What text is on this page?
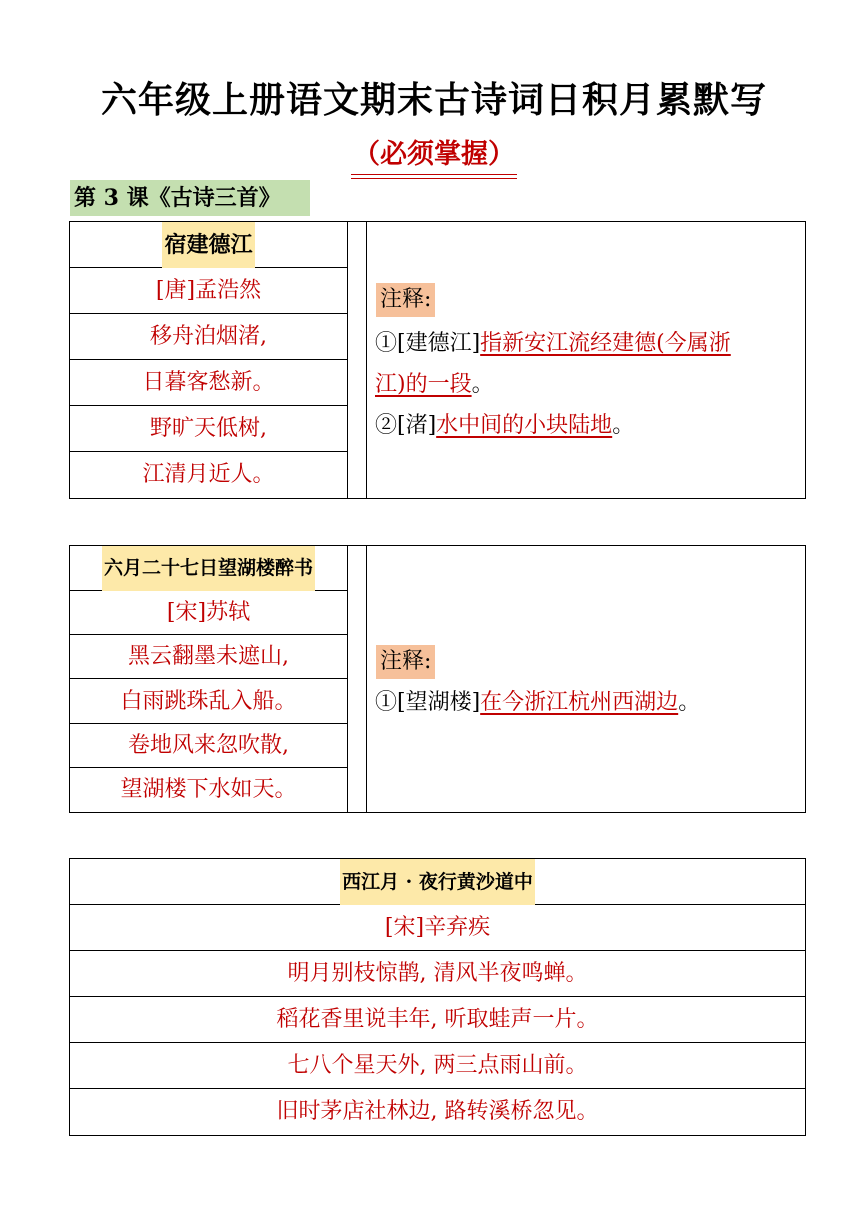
六年级上册语文期末古诗词日积月累默写
（必须掌握）
第 3 课《古诗三首》
宿建德江
[唐]孟浩然
移舟泊烟渚,
日暮客愁新。
野旷天低树,
江清月近人。
注释:
①[建德江]指新安江流经建德(今属浙
江)的一段。
②[渚]水中间的小块陆地。
六月二十七日望湖楼醉书
[宋]苏轼
黑云翻墨未遮山,
白雨跳珠乱入船。
卷地风来忽吹散,
望湖楼下水如天。
注释:
①[望湖楼]在今浙江杭州西湖边。
西江月 · 夜行黄沙道中
[宋]辛弃疾
明月别枝惊鹊, 清风半夜鸣蝉。
稻花香里说丰年, 听取蛙声一片。
七八个星天外, 两三点雨山前。
旧时茅店社林边, 路转溪桥忽见。
